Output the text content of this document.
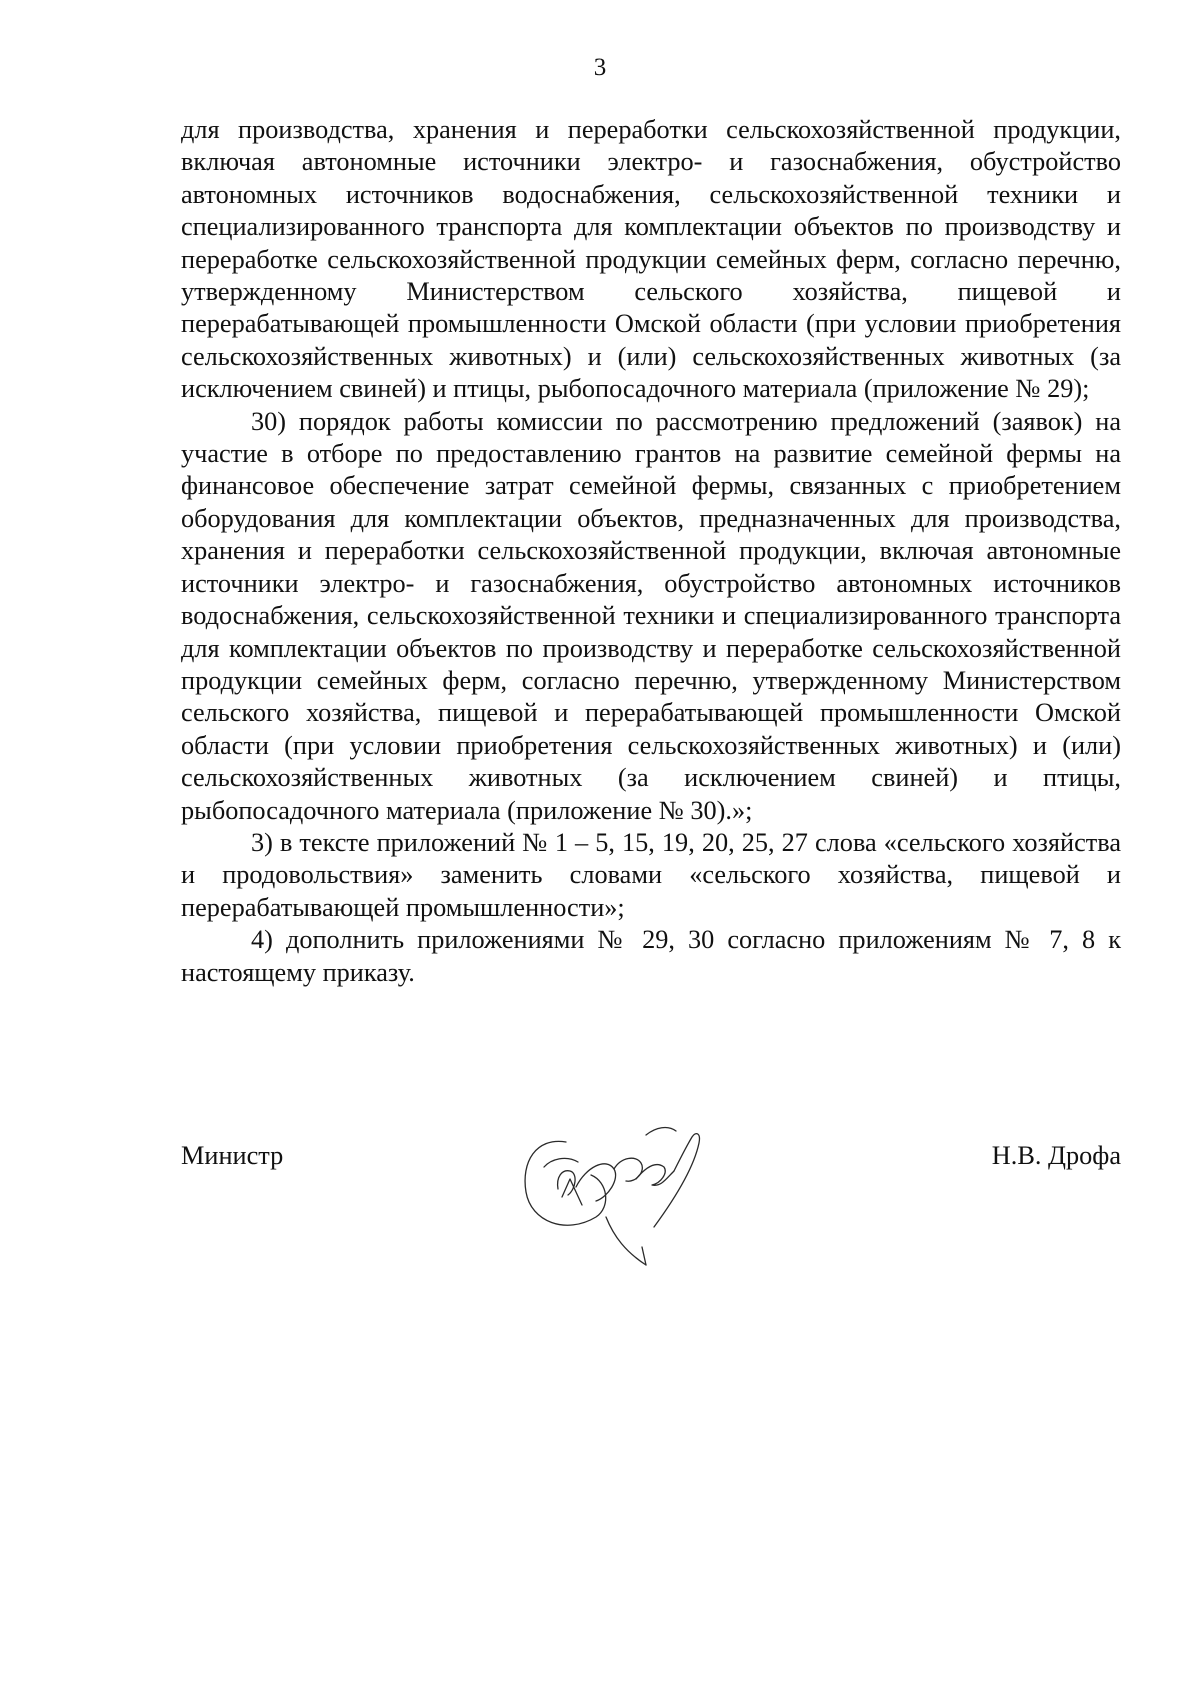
3

для производства, хранения и переработки сельскохозяйственной продукции, включая автономные источники электро- и газоснабжения, обустройство автономных источников водоснабжения, сельскохозяйственной техники и специализированного транспорта для комплектации объектов по производству и переработке сельскохозяйственной продукции семейных ферм, согласно перечню, утвержденному Министерством сельского хозяйства, пищевой и перерабатывающей промышленности Омской области (при условии приобретения сельскохозяйственных животных) и (или) сельскохозяйственных животных (за исключением свиней) и птицы, рыбопосадочного материала (приложение № 29);

30) порядок работы комиссии по рассмотрению предложений (заявок) на участие в отборе по предоставлению грантов на развитие семейной фермы на финансовое обеспечение затрат семейной фермы, связанных с приобретением оборудования для комплектации объектов, предназначенных для производства, хранения и переработки сельскохозяйственной продукции, включая автономные источники электро- и газоснабжения, обустройство автономных источников водоснабжения, сельскохозяйственной техники и специализированного транспорта для комплектации объектов по производству и переработке сельскохозяйственной продукции семейных ферм, согласно перечню, утвержденному Министерством сельского хозяйства, пищевой и перерабатывающей промышленности Омской области (при условии приобретения сельскохозяйственных животных) и (или) сельскохозяйственных животных (за исключением свиней) и птицы, рыбопосадочного материала (приложение № 30).»;

3) в тексте приложений № 1 – 5, 15, 19, 20, 25, 27 слова «сельского хозяйства и продовольствия» заменить словами «сельского хозяйства, пищевой и перерабатывающей промышленности»;

4) дополнить приложениями № 29, 30 согласно приложениям № 7, 8 к настоящему приказу.

Министр	Н.В. Дрофа
